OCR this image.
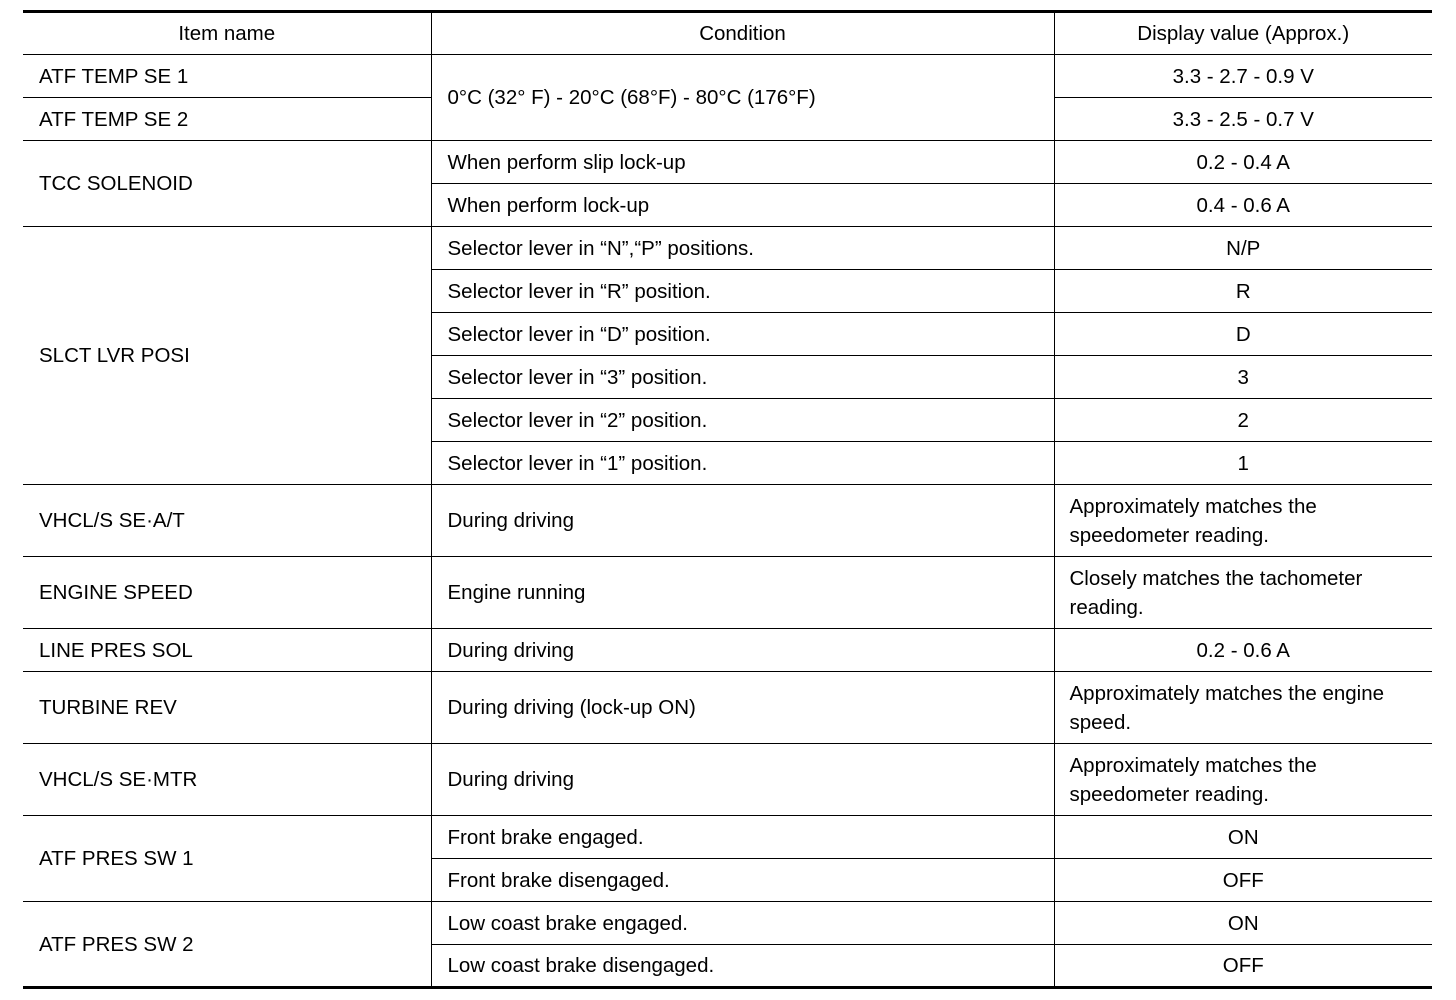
Item name	Condition	Display value (Approx.)
ATF TEMP SE 1	0°C (32° F) - 20°C (68°F) - 80°C (176°F)	3.3 - 2.7 - 0.9 V
ATF TEMP SE 2		3.3 - 2.5 - 0.7 V
TCC SOLENOID	When perform slip lock-up	0.2 - 0.4 A
	When perform lock-up	0.4 - 0.6 A
SLCT LVR POSI	Selector lever in “N”,“P” positions.	N/P
	Selector lever in “R” position.	R
	Selector lever in “D” position.	D
	Selector lever in “3” position.	3
	Selector lever in “2” position.	2
	Selector lever in “1” position.	1
VHCL/S SE·A/T	During driving	Approximately matches the speedometer reading.
ENGINE SPEED	Engine running	Closely matches the tachometer reading.
LINE PRES SOL	During driving	0.2 - 0.6 A
TURBINE REV	During driving (lock-up ON)	Approximately matches the engine speed.
VHCL/S SE·MTR	During driving	Approximately matches the speedometer reading.
ATF PRES SW 1	Front brake engaged.	ON
	Front brake disengaged.	OFF
ATF PRES SW 2	Low coast brake engaged.	ON
	Low coast brake disengaged.	OFF
